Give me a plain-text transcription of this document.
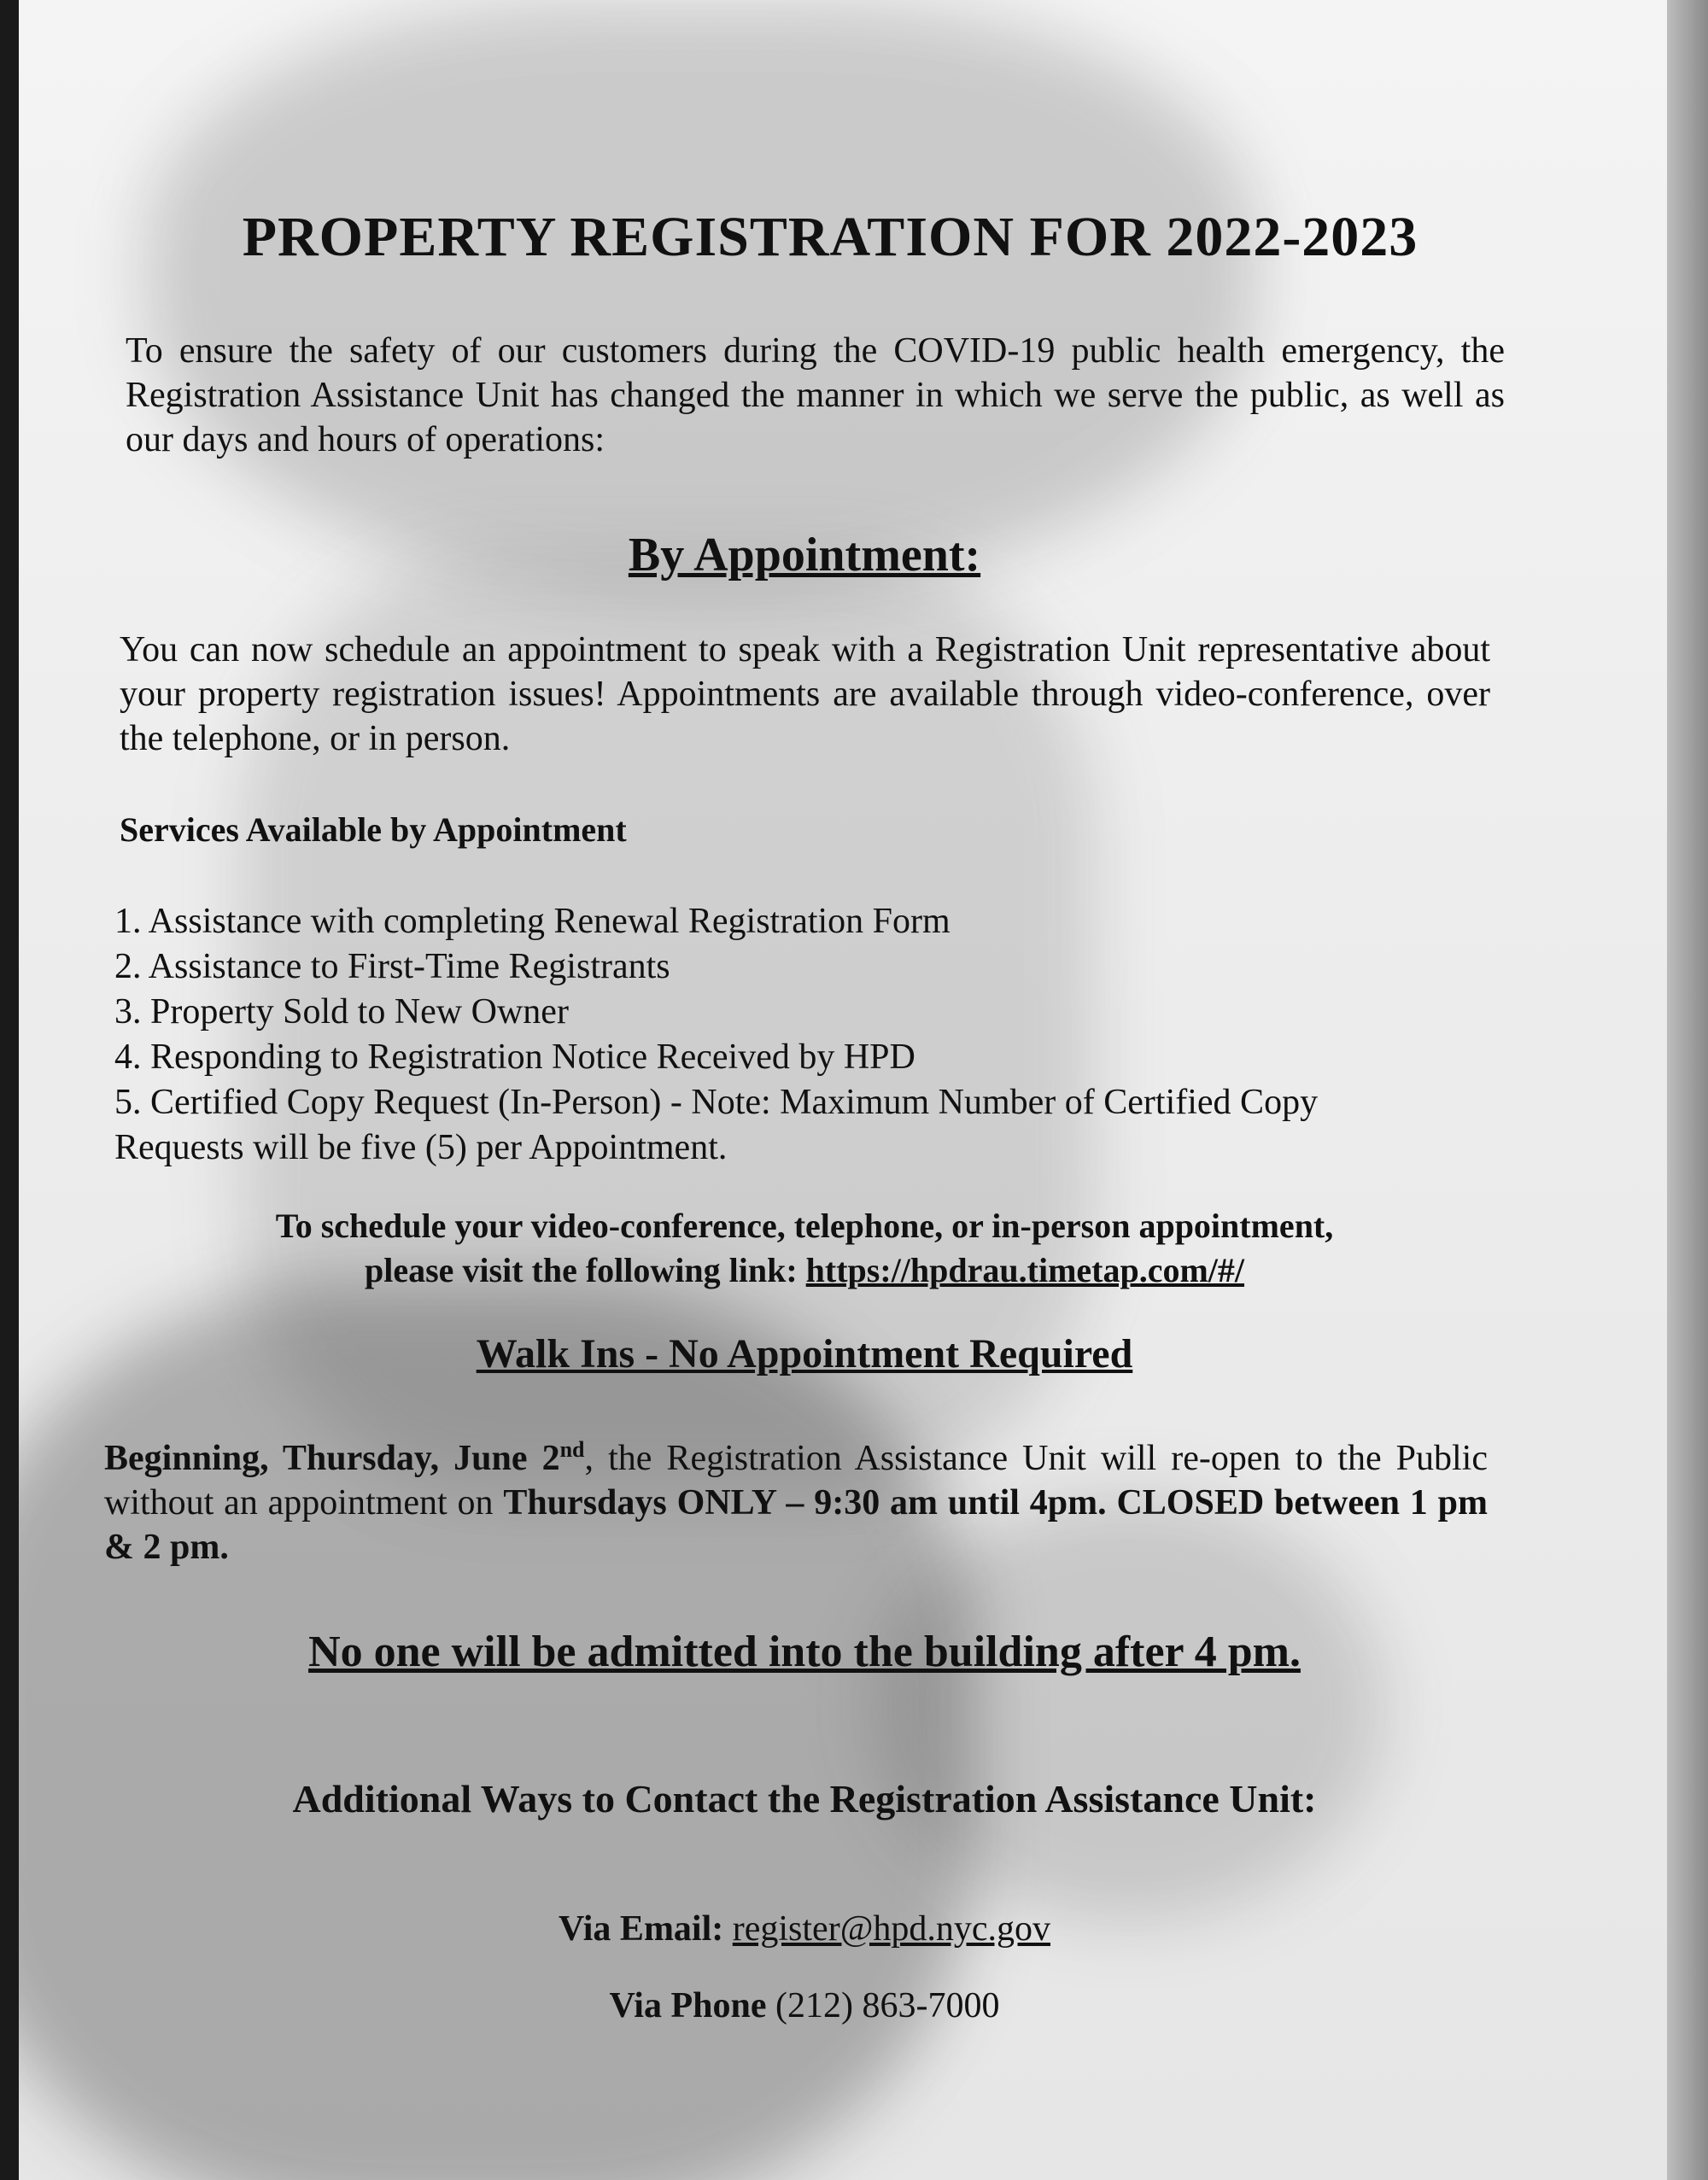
PROPERTY REGISTRATION FOR 2022-2023
To ensure the safety of our customers during the COVID-19 public health emergency, the Registration Assistance Unit has changed the manner in which we serve the public, as well as our days and hours of operations:
By Appointment:
You can now schedule an appointment to speak with a Registration Unit representative about your property registration issues! Appointments are available through video-conference, over the telephone, or in person.
Services Available by Appointment
1. Assistance with completing Renewal Registration Form
2. Assistance to First-Time Registrants
3. Property Sold to New Owner
4. Responding to Registration Notice Received by HPD
5. Certified Copy Request (In-Person) - Note: Maximum Number of Certified Copy Requests will be five (5) per Appointment.
To schedule your video-conference, telephone, or in-person appointment,
please visit the following link: https://hpdrau.timetap.com/#/
Walk Ins - No Appointment Required
Beginning, Thursday, June 2nd, the Registration Assistance Unit will re-open to the Public without an appointment on Thursdays ONLY – 9:30 am until 4pm. CLOSED between 1 pm & 2 pm.
No one will be admitted into the building after 4 pm.
Additional Ways to Contact the Registration Assistance Unit:
Via Email: register@hpd.nyc.gov
Via Phone (212) 863-7000
